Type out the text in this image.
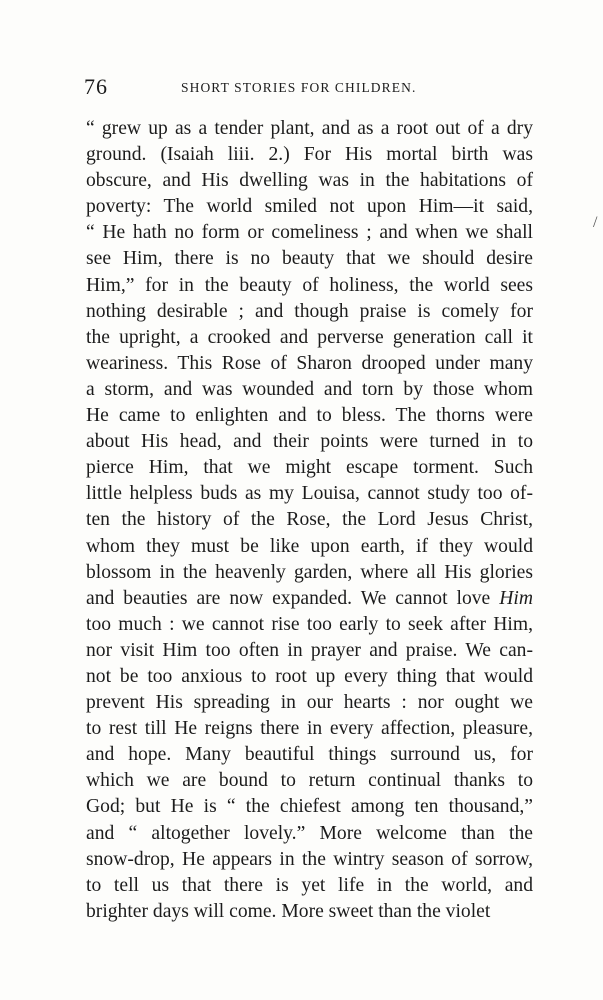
76	SHORT STORIES FOR CHILDREN.
“ grew up as a tender plant, and as a root out of a dry
ground. (Isaiah liii. 2.) For His mortal birth was
obscure, and His dwelling was in the habitations of
poverty: The world smiled not upon Him—it said,
“ He hath no form or comeliness ; and when we shall
see Him, there is no beauty that we should desire
Him,” for in the beauty of holiness, the world sees
nothing desirable ; and though praise is comely for
the upright, a crooked and perverse generation call it
weariness. This Rose of Sharon drooped under many
a storm, and was wounded and torn by those whom
He came to enlighten and to bless. The thorns were
about His head, and their points were turned in to
pierce Him, that we might escape torment. Such
little helpless buds as my Louisa, cannot study too of-
ten the history of the Rose, the Lord Jesus Christ,
whom they must be like upon earth, if they would
blossom in the heavenly garden, where all His glories
and beauties are now expanded. We cannot love Him
too much : we cannot rise too early to seek after Him,
nor visit Him too often in prayer and praise. We can-
not be too anxious to root up every thing that would
prevent His spreading in our hearts : nor ought we
to rest till He reigns there in every affection, pleasure,
and hope. Many beautiful things surround us, for
which we are bound to return continual thanks to
God; but He is “ the chiefest among ten thousand,”
and “ altogether lovely.” More welcome than the
snow-drop, He appears in the wintry season of sorrow,
to tell us that there is yet life in the world, and
brighter days will come. More sweet than the violet
/
